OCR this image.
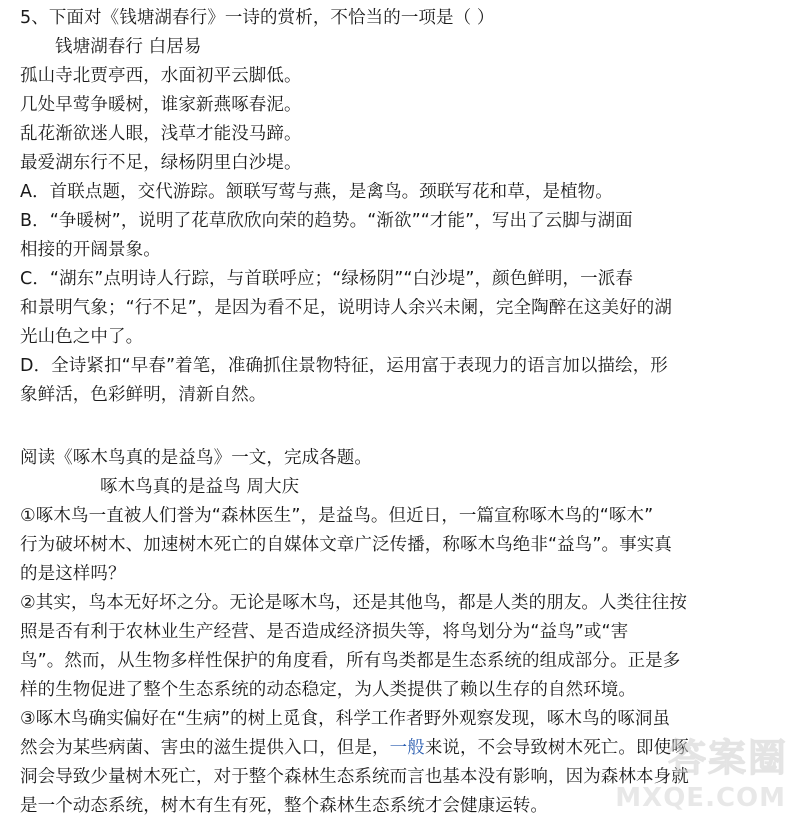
5、下面对《钱塘湖春行》一诗的赏析，不恰当的一项是（ ）
钱塘湖春行 白居易
孤山寺北贾亭西，水面初平云脚低。
几处早莺争暖树，谁家新燕啄春泥。
乱花渐欲迷人眼，浅草才能没马蹄。
最爱湖东行不足，绿杨阴里白沙堤。
A．首联点题，交代游踪。颔联写莺与燕，是禽鸟。颈联写花和草，是植物。
B．“争暖树”，说明了花草欣欣向荣的趋势。“渐欲”“才能”，写出了云脚与湖面
相接的开阔景象。
C．“湖东”点明诗人行踪，与首联呼应；“绿杨阴”“白沙堤”，颜色鲜明，一派春
和景明气象；“行不足”，是因为看不足，说明诗人余兴未阑，完全陶醉在这美好的湖
光山色之中了。
D．全诗紧扣“早春”着笔，准确抓住景物特征，运用富于表现力的语言加以描绘，形
象鲜活，色彩鲜明，清新自然。
阅读《啄木鸟真的是益鸟》一文，完成各题。
啄木鸟真的是益鸟 周大庆
①啄木鸟一直被人们誉为“森林医生”，是益鸟。但近日，一篇宣称啄木鸟的“啄木”
行为破坏树木、加速树木死亡的自媒体文章广泛传播，称啄木鸟绝非“益鸟”。事实真
的是这样吗？
②其实，鸟本无好坏之分。无论是啄木鸟，还是其他鸟，都是人类的朋友。人类往往按
照是否有利于农林业生产经营、是否造成经济损失等，将鸟划分为“益鸟”或“害
鸟”。然而，从生物多样性保护的角度看，所有鸟类都是生态系统的组成部分。正是多
样的生物促进了整个生态系统的动态稳定，为人类提供了赖以生存的自然环境。
③啄木鸟确实偏好在“生病”的树上觅食，科学工作者野外观察发现，啄木鸟的啄洞虽
然会为某些病菌、害虫的滋生提供入口，但是，一般来说，不会导致树木死亡。即使啄
洞会导致少量树木死亡，对于整个森林生态系统而言也基本没有影响，因为森林本身就
是一个动态系统，树木有生有死，整个森林生态系统才会健康运转。
答案圈
MXQE.COM
